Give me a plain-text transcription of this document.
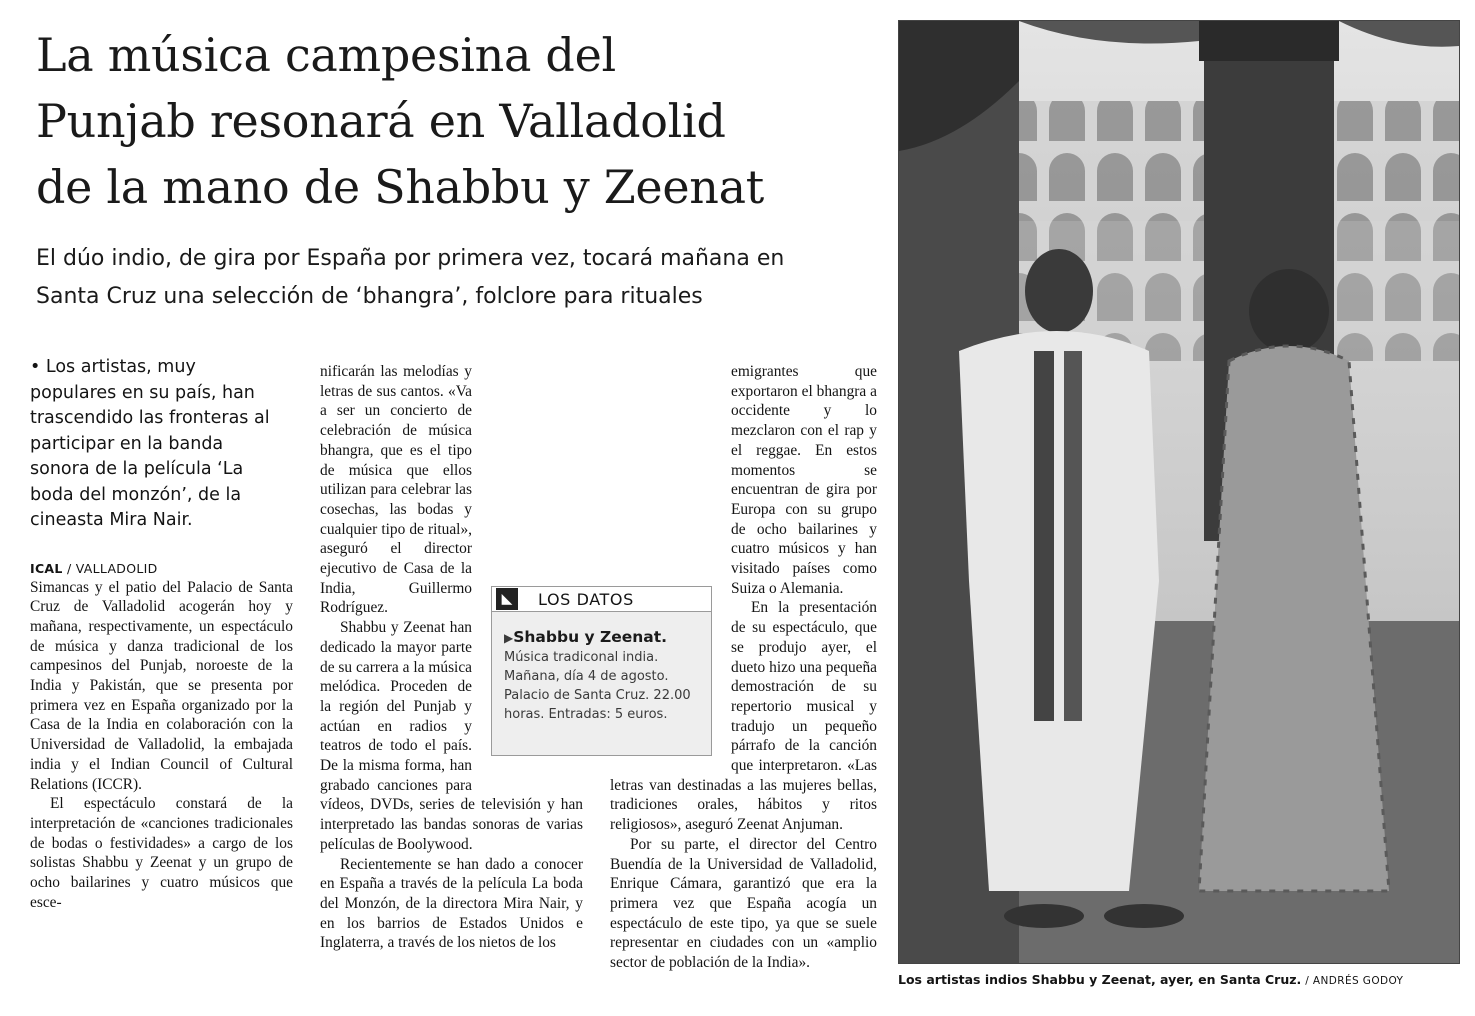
La música campesina del
Punjab resonará en Valladolid
de la mano de Shabbu y Zeenat
El dúo indio, de gira por España por primera vez, tocará mañana en
Santa Cruz una selección de ‘bhangra’, folclore para rituales

• Los artistas, muy populares en su país, han trascendido las fronteras al participar en la banda sonora de la película ‘La boda del monzón’, de la cineasta Mira Nair.

ICAL / VALLADOLID

Simancas y el patio del Palacio de Santa Cruz de Valladolid acogerán hoy y mañana, respectivamente, un espectáculo de música y danza tradicional de los campesinos del Punjab, noroeste de la India y Pakistán, que se presenta por primera vez en España organizado por la Casa de la India en colaboración con la Universidad de Valladolid, la embajada india y el Indian Council of Cultural Relations (ICCR).

El espectáculo constará de la interpretación de «canciones tradicionales de bodas o festividades» a cargo de los solistas Shabbu y Zeenat y un grupo de ocho bailarines y cuatro músicos que esce-

nificarán las melodías y letras de sus cantos. «Va a ser un concierto de celebración de música bhangra, que es el tipo de música que ellos utilizan para celebrar las cosechas, las bodas y cualquier tipo de ritual», aseguró el director ejecutivo de Casa de la India, Guillermo Rodríguez.

Shabbu y Zeenat han dedicado la mayor parte de su carrera a la música melódica. Proceden de la región del Punjab y actúan en radios y teatros de todo el país. De la misma forma, han grabado canciones para vídeos, DVDs, series de televisión y han interpretado las bandas sonoras de varias películas de Boolywood.

Recientemente se han dado a conocer en España a través de la película La boda del Monzón, de la directora Mira Nair, y en los barrios de Estados Unidos e Inglaterra, a través de los nietos de los

emigrantes que exportaron el bhangra a occidente y lo mezclaron con el rap y el reggae. En estos momentos se encuentran de gira por Europa con su grupo de ocho bailarines y cuatro músicos y han visitado países como Suiza o Alemania.

En la presentación de su espectáculo, que se produjo ayer, el dueto hizo una pequeña demostración de su repertorio musical y tradujo un pequeño párrafo de la canción que interpretaron. «Las letras van destinadas a las mujeres bellas, tradiciones orales, hábitos y ritos religiosos», aseguró Zeenat Anjuman.

Por su parte, el director del Centro Buendía de la Universidad de Valladolid, Enrique Cámara, garantizó que era la primera vez que España acogía un espectáculo de este tipo, ya que se suele representar en ciudades con un «amplio sector de población de la India».

◣	LOS DATOS
▶Shabbu y Zeenat. Música tradiconal india. Mañana, día 4 de agosto. Palacio de Santa Cruz. 22.00 horas. Entradas: 5 euros.
Los artistas indios Shabbu y Zeenat, ayer, en Santa Cruz. / ANDRÉS GODOY
